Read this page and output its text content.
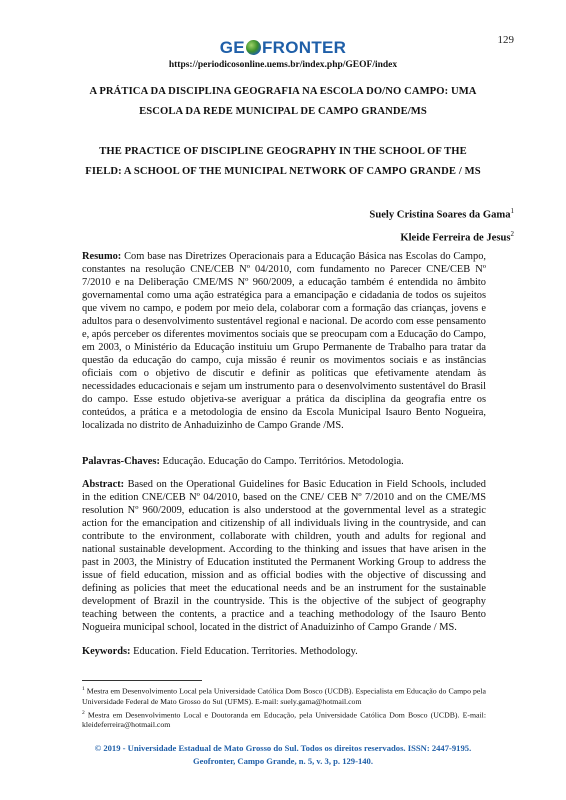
129
GE FRONTER
https://periodicosonline.uems.br/index.php/GEOF/index
A PRÁTICA DA DISCIPLINA GEOGRAFIA NA ESCOLA DO/NO CAMPO: UMA
ESCOLA DA REDE MUNICIPAL DE CAMPO GRANDE/MS
THE PRACTICE OF DISCIPLINE GEOGRAPHY IN THE SCHOOL OF THE
FIELD: A SCHOOL OF THE MUNICIPAL NETWORK OF CAMPO GRANDE / MS
Suely Cristina Soares da Gama$^1$
Kleide Ferreira de Jesus$^2$

Resumo: Com base nas Diretrizes Operacionais para a Educação Básica nas Escolas do Campo, constantes na resolução CNE/CEB Nº 04/2010, com fundamento no Parecer CNE/CEB Nº 7/2010 e na Deliberação CME/MS Nº 960/2009, a educação também é entendida no âmbito governamental como uma ação estratégica para a emancipação e cidadania de todos os sujeitos que vivem no campo, e podem por meio dela, colaborar com a formação das crianças, jovens e adultos para o desenvolvimento sustentável regional e nacional. De acordo com esse pensamento e, após perceber os diferentes movimentos sociais que se preocupam com a Educação do Campo, em 2003, o Ministério da Educação instituiu um Grupo Permanente de Trabalho para tratar da questão da educação do campo, cuja missão é reunir os movimentos sociais e as instâncias oficiais com o objetivo de discutir e definir as políticas que efetivamente atendam às necessidades educacionais e sejam um instrumento para o desenvolvimento sustentável do Brasil do campo. Esse estudo objetiva-se averiguar a prática da disciplina da geografia entre os conteúdos, a prática e a metodologia de ensino da Escola Municipal Isauro Bento Nogueira, localizada no distrito de Anhaduizinho de Campo Grande /MS.

Palavras-Chaves: Educação. Educação do Campo. Territórios. Metodologia.

Abstract: Based on the Operational Guidelines for Basic Education in Field Schools, included in the edition CNE/CEB Nº 04/2010, based on the CNE/ CEB Nº 7/2010 and on the CME/MS resolution Nº 960/2009, education is also understood at the governmental level as a strategic action for the emancipation and citizenship of all individuals living in the countryside, and can contribute to the environment, collaborate with children, youth and adults for regional and national sustainable development. According to the thinking and issues that have arisen in the past in 2003, the Ministry of Education instituted the Permanent Working Group to address the issue of field education, mission and as official bodies with the objective of discussing and defining as policies that meet the educational needs and be an instrument for the sustainable development of Brazil in the countryside. This is the objective of the subject of geography teaching between the contents, a practice and a teaching methodology of the Isauro Bento Nogueira municipal school, located in the district of Anaduizinho of Campo Grande / MS.

Keywords: Education. Field Education. Territories. Methodology.

$^1$ Mestra em Desenvolvimento Local pela Universidade Católica Dom Bosco (UCDB). Especialista em Educação do Campo pela Universidade Federal de Mato Grosso do Sul (UFMS). E-mail: suely.gama@hotmail.com

$^2$ Mestra em Desenvolvimento Local e Doutoranda em Educação, pela Universidade Católica Dom Bosco (UCDB). E-mail: kleideferreira@hotmail.com

© 2019 - Universidade Estadual de Mato Grosso do Sul. Todos os direitos reservados. ISSN: 2447-9195.
Geofronter, Campo Grande, n. 5, v. 3, p. 129-140.
